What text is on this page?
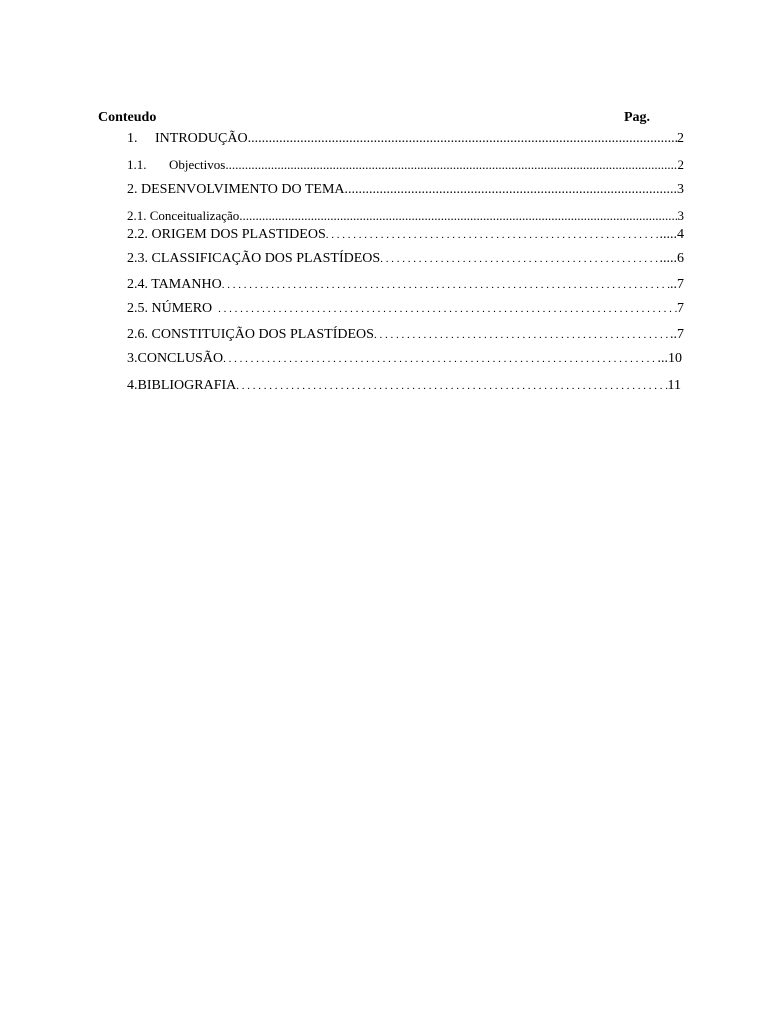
Conteudo	Pag.
1.	INTRODUÇÃO .....	2
1.1.	Objectivos .....	2
2. DESENVOLVIMENTO DO TEMA .....	3
2.1. Conceitualização .....	3
2.2. ORIGEM DOS PLASTIDEOS . . .	.....4
2.3. CLASSIFICAÇÃO DOS PLASTÍDEOS . . .	.....6
2.4. TAMANHO . . .	..7
2.5. NÚMERO . . .	7
2.6. CONSTITUIÇÃO DOS PLASTÍDEOS . . .	..7
3.CONCLUSÃO . . .	...10
4.BIBLIOGRAFIA . . .	11
